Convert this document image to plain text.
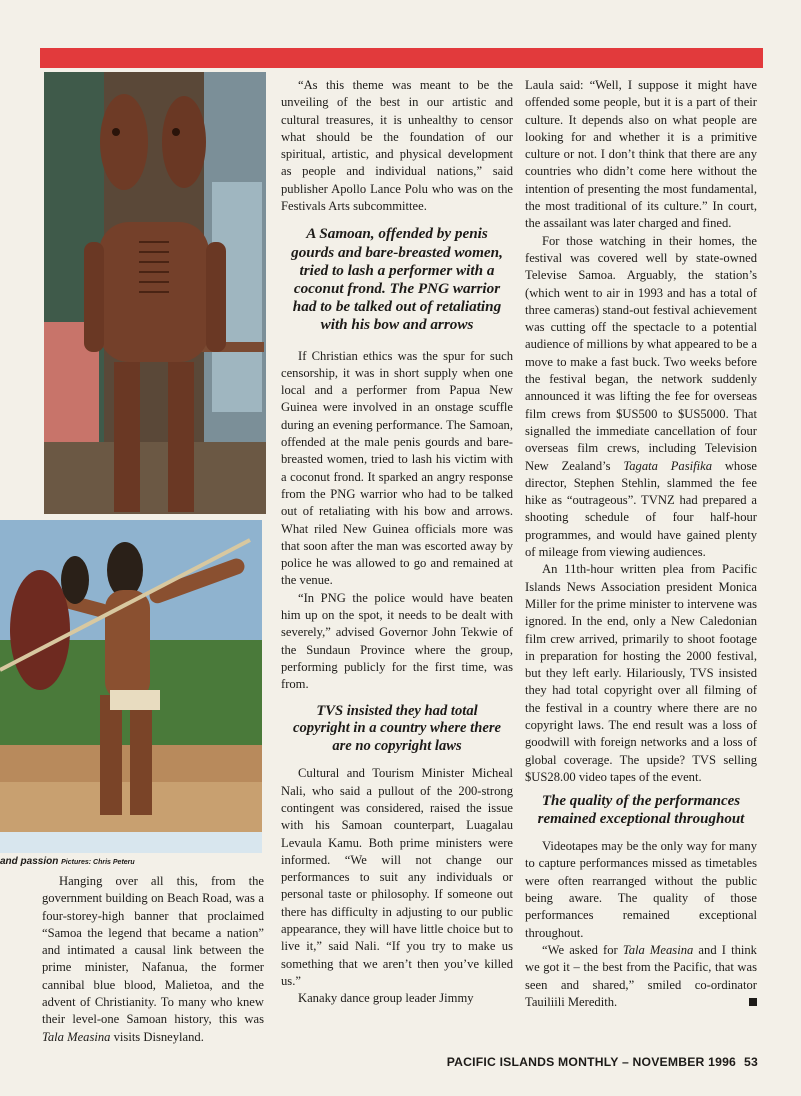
and passion Pictures: Chris Peteru

Hanging over all this, from the government building on Beach Road, was a four-storey-high banner that proclaimed “Samoa the legend that became a nation” and intimated a causal link between the prime minister, Nafanua, the former cannibal blue blood, Malietoa, and the advent of Christianity. To many who knew their level-one Samoan history, this was Tala Measina visits Disneyland.

“As this theme was meant to be the unveiling of the best in our artistic and cultural treasures, it is unhealthy to censor what should be the foundation of our spiritual, artistic, and physical development as people and individual nations,” said publisher Apollo Lance Polu who was on the Festivals Arts subcommittee.

A Samoan, offended by penis gourds and bare-breasted women, tried to lash a performer with a coconut frond. The PNG warrior had to be talked out of retaliating with his bow and arrows

If Christian ethics was the spur for such censorship, it was in short supply when one local and a performer from Papua New Guinea were involved in an onstage scuffle during an evening performance. The Samoan, offended at the male penis gourds and bare-breasted women, tried to lash his victim with a coconut frond. It sparked an angry response from the PNG warrior who had to be talked out of retaliating with his bow and arrows. What riled New Guinea officials more was that soon after the man was escorted away by police he was allowed to go and remained at the venue.

“In PNG the police would have beaten him up on the spot, it needs to be dealt with severely,” advised Governor John Tekwie of the Sundaun Province where the group, performing publicly for the first time, was from.

TVS insisted they had total copyright in a country where there are no copyright laws

Cultural and Tourism Minister Micheal Nali, who said a pullout of the 200-strong contingent was considered, raised the issue with his Samoan counterpart, Luagalau Levaula Kamu. Both prime ministers were informed. “We will not change our performances to suit any individuals or personal taste or philosophy. If someone out there has difficulty in adjusting to our public appearance, they will have little choice but to live it,” said Nali. “If you try to make us something that we aren’t then you’ve killed us.”

Kanaky dance group leader Jimmy

Laula said: “Well, I suppose it might have offended some people, but it is a part of their culture. It depends also on what people are looking for and whether it is a primitive culture or not. I don’t think that there are any countries who didn’t come here without the intention of presenting the most fundamental, the most traditional of its culture.” In court, the assailant was later charged and fined.

For those watching in their homes, the festival was covered well by state-owned Televise Samoa. Arguably, the station’s (which went to air in 1993 and has a total of three cameras) stand-out festival achievement was cutting off the spectacle to a potential audience of millions by what appeared to be a move to make a fast buck. Two weeks before the festival began, the network suddenly announced it was lifting the fee for overseas film crews from $US500 to $US5000. That signalled the immediate cancellation of four overseas film crews, including Television New Zealand’s Tagata Pasifika whose director, Stephen Stehlin, slammed the fee hike as “outrageous”. TVNZ had prepared a shooting schedule of four half-hour programmes, and would have gained plenty of mileage from viewing audiences.

An 11th-hour written plea from Pacific Islands News Association president Monica Miller for the prime minister to intervene was ignored. In the end, only a New Caledonian film crew arrived, primarily to shoot footage in preparation for hosting the 2000 festival, but they left early. Hilariously, TVS insisted they had total copyright over all filming of the festival in a country where there are no copyright laws. The end result was a loss of goodwill with foreign networks and a loss of global coverage. The upside? TVS selling $US28.00 video tapes of the event.

The quality of the performances remained exceptional throughout

Videotapes may be the only way for many to capture performances missed as timetables were often rearranged without the public being aware. The quality of those performances remained exceptional throughout.

“We asked for Tala Measina and I think we got it – the best from the Pacific, that was seen and shared,” smiled co-ordinator Tauiliili Meredith.

PACIFIC ISLANDS MONTHLY – NOVEMBER 1996 53
